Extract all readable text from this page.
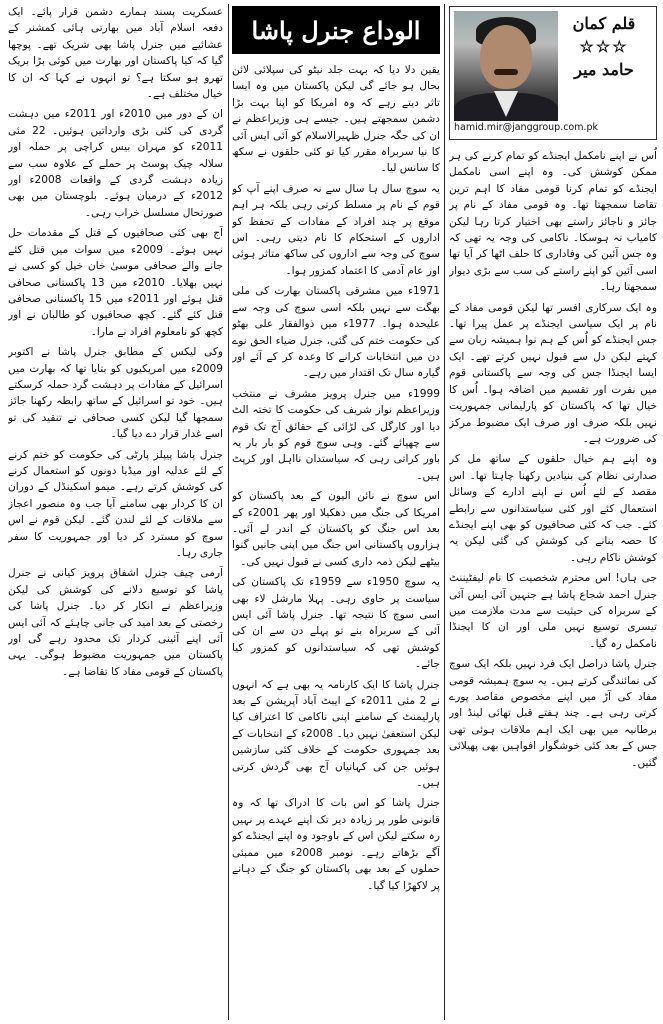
قلم کمان
☆☆☆
حامد میر
hamid.mir@janggroup.com.pk

اُس نے اپنے نامکمل ایجنڈے کو تمام کرنے کی ہر ممکن کوشش کی۔ وہ اپنے اسی نامکمل ایجنڈے کو تمام کرنا قومی مفاد کا اہم ترین تقاضا سمجھتا تھا۔ وہ قومی مفاد کے نام پر جائز و ناجائز راستے بھی اختیار کرتا رہا لیکن کامیاب نہ ہوسکا۔ ناکامی کی وجہ یہ تھی کہ وہ جس آئین کی وفاداری کا حلف اٹھا کر آیا تھا اسی آئین کو اپنے راستے کی سب سے بڑی دیوار سمجھتا رہا۔

وہ ایک سرکاری افسر تھا لیکن قومی مفاد کے نام پر ایک سیاسی ایجنڈے پر عمل پیرا تھا۔ جس ایجنڈے کو اُس کے ہم نوا ہمیشہ زبان سے کہتے لیکن دل سے قبول نہیں کرتے تھے۔ ایک ایسا ایجنڈا جس کی وجہ سے پاکستانی قوم میں نفرت اور تقسیم میں اضافہ ہوا۔ اُس کا خیال تھا کہ پاکستان کو پارلیمانی جمہوریت نہیں بلکہ صرف اور صرف ایک مضبوط مرکز کی ضرورت ہے۔

وہ اپنے ہم خیال حلقوں کے ساتھ مل کر صدارتی نظام کی بنیادیں رکھنا چاہتا تھا۔ اس مقصد کے لئے اُس نے اپنے ادارے کے وسائل استعمال کئے اور کئی سیاستدانوں سے رابطے کئے۔ جب کہ کئی صحافیوں کو بھی اپنے ایجنڈے کا حصہ بنانے کی کوشش کی گئی لیکن یہ کوشش ناکام رہی۔

جی ہاں! اس محترم شخصیت کا نام لیفٹیننٹ جنرل احمد شجاع پاشا ہے جنہیں آئی ایس آئی کے سربراہ کی حیثیت سے مدت ملازمت میں تیسری توسیع نہیں ملی اور ان کا ایجنڈا نامکمل رہ گیا۔

جنرل پاشا دراصل ایک فرد نہیں بلکہ ایک سوچ کی نمائندگی کرتے ہیں۔ یہ سوچ ہمیشہ قومی مفاد کی آڑ میں اپنے مخصوص مقاصد پورے کرتی رہی ہے۔ چند ہفتے قبل تھائی لینڈ اور برطانیہ میں بھی ایک اہم ملاقات ہوئی تھی جس کے بعد کئی خوشگوار افواہیں بھی پھیلائی گئیں۔

الوداع جنرل پاشا

یقین دلا دیا کہ بہت جلد نیٹو کی سپلائی لائن بحال ہو جائے گی لیکن پاکستان میں وہ ایسا تاثر دیتے رہے کہ وہ امریکا کو اپنا بہت بڑا دشمن سمجھتے ہیں۔ جیسے ہی وزیراعظم نے ان کی جگہ جنرل ظہیرالاسلام کو آئی ایس آئی کا نیا سربراہ مقرر کیا تو کئی حلقوں نے سکھ کا سانس لیا۔

یہ سوچ سال ہا سال سے نہ صرف اپنے آپ کو قوم کے نام پر مسلط کرتی رہی بلکہ ہر اہم موقع پر چند افراد کے مفادات کے تحفظ کو اداروں کے استحکام کا نام دیتی رہی۔ اس سوچ کی وجہ سے اداروں کی ساکھ متاثر ہوئی اور عام آدمی کا اعتماد کمزور ہوا۔

1971ء میں مشرقی پاکستان بھارت کی ملی بھگت سے نہیں بلکہ اسی سوچ کی وجہ سے علیحدہ ہوا۔ 1977ء میں ذوالفقار علی بھٹو کی حکومت ختم کی گئی، جنرل ضیاء الحق نوے دن میں انتخابات کرانے کا وعدہ کر کے آئے اور گیارہ سال تک اقتدار میں رہے۔

1999ء میں جنرل پرویز مشرف نے منتخب وزیراعظم نواز شریف کی حکومت کا تختہ الٹ دیا اور کارگل کی لڑائی کے حقائق آج تک قوم سے چھپائے گئے۔ وہی سوچ قوم کو بار بار یہ باور کراتی رہی کہ سیاستدان نااہل اور کرپٹ ہیں۔

اس سوچ نے نائن الیون کے بعد پاکستان کو امریکا کی جنگ میں دھکیلا اور پھر 2001ء کے بعد اس جنگ کو پاکستان کے اندر لے آئی۔ ہزاروں پاکستانی اس جنگ میں اپنی جانیں گنوا بیٹھے لیکن ذمہ داری کسی نے قبول نہیں کی۔

یہ سوچ 1950ء سے 1959ء تک پاکستان کی سیاست پر حاوی رہی۔ پہلا مارشل لاء بھی اسی سوچ کا نتیجہ تھا۔ جنرل پاشا آئی ایس آئی کے سربراہ بنے تو پہلے دن سے ان کی کوشش تھی کہ سیاستدانوں کو کمزور کیا جائے۔

جنرل پاشا کا ایک کارنامہ یہ بھی ہے کہ انہوں نے 2 مئی 2011ء کے ایبٹ آباد آپریشن کے بعد پارلیمنٹ کے سامنے اپنی ناکامی کا اعتراف کیا لیکن استعفیٰ نہیں دیا۔ 2008ء کے انتخابات کے بعد جمہوری حکومت کے خلاف کئی سازشیں ہوئیں جن کی کہانیاں آج بھی گردش کرتی ہیں۔

جنرل پاشا کو اس بات کا ادراک تھا کہ وہ قانونی طور پر زیادہ دیر تک اپنے عہدے پر نہیں رہ سکتے لیکن اس کے باوجود وہ اپنے ایجنڈے کو آگے بڑھاتے رہے۔ نومبر 2008ء میں ممبئی حملوں کے بعد بھی پاکستان کو جنگ کے دہانے پر لاکھڑا کیا گیا۔

عسکریت پسند ہمارے دشمن قرار پائے۔ ایک دفعہ اسلام آباد میں بھارتی ہائی کمشنر کے عشائیے میں جنرل پاشا بھی شریک تھے۔ پوچھا گیا کہ کیا پاکستان اور بھارت میں کوئی بڑا بریک تھرو ہو سکتا ہے؟ تو انہوں نے کہا کہ ان کا خیال مختلف ہے۔

ان کے دور میں 2010ء اور 2011ء میں دہشت گردی کی کئی بڑی وارداتیں ہوئیں۔ 22 مئی 2011ء کو مہران بیس کراچی پر حملہ اور سلالہ چیک پوسٹ پر حملے کے علاوہ سب سے زیادہ دہشت گردی کے واقعات 2008ء اور 2012ء کے درمیان ہوئے۔ بلوچستان میں بھی صورتحال مسلسل خراب رہی۔

آج بھی کئی صحافیوں کے قتل کے مقدمات حل نہیں ہوئے۔ 2009ء میں سوات میں قتل کئے جانے والے صحافی موسیٰ خان خیل کو کسی نے نہیں بھلایا۔ 2010ء میں 13 پاکستانی صحافی قتل ہوئے اور 2011ء میں 15 پاکستانی صحافی قتل کئے گئے۔ کچھ صحافیوں کو طالبان نے اور کچھ کو نامعلوم افراد نے مارا۔

وکی لیکس کے مطابق جنرل پاشا نے اکتوبر 2009ء میں امریکیوں کو بتایا تھا کہ بھارت میں اسرائیل کے مفادات پر دہشت گرد حملہ کرسکتے ہیں۔ خود تو اسرائیل کے ساتھ رابطہ رکھنا جائز سمجھا گیا لیکن کسی صحافی نے تنقید کی تو اسے غدار قرار دے دیا گیا۔

جنرل پاشا پیپلز پارٹی کی حکومت کو ختم کرنے کے لئے عدلیہ اور میڈیا دونوں کو استعمال کرنے کی کوشش کرتے رہے۔ میمو اسکینڈل کے دوران ان کا کردار بھی سامنے آیا جب وہ منصور اعجاز سے ملاقات کے لئے لندن گئے۔ لیکن قوم نے اس سوچ کو مسترد کر دیا اور جمہوریت کا سفر جاری رہا۔

آرمی چیف جنرل اشفاق پرویز کیانی نے جنرل پاشا کو توسیع دلانے کی کوشش کی لیکن وزیراعظم نے انکار کر دیا۔ جنرل پاشا کی رخصتی کے بعد امید کی جانی چاہئے کہ آئی ایس آئی اپنے آئینی کردار تک محدود رہے گی اور پاکستان میں جمہوریت مضبوط ہوگی۔ یہی پاکستان کے قومی مفاد کا تقاضا ہے۔
